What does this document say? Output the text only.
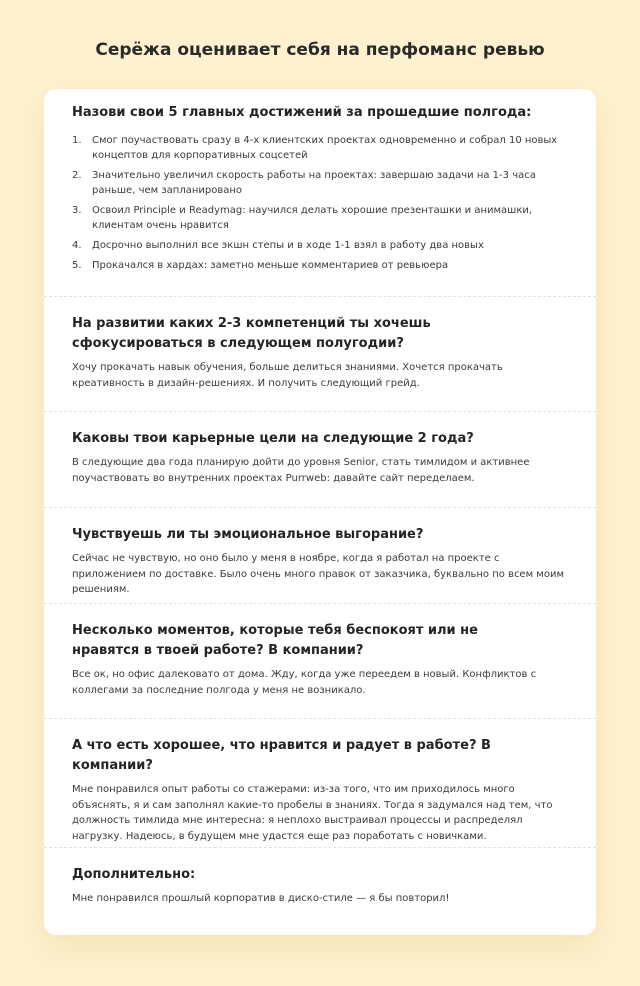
Серёжа оценивает себя на перфоманс ревью

Назови свои 5 главных достижений за прошедшие полгода:

1. Смог поучаствовать сразу в 4-х клиентских проектах одновременно и собрал 10 новых концептов для корпоративных соцсетей
2. Значительно увеличил скорость работы на проектах: завершаю задачи на 1-3 часа раньше, чем запланировано
3. Освоил Principle и Readymag: научился делать хорошие презенташки и анимашки, клиентам очень нравится
4. Досрочно выполнил все экшн степы и в ходе 1-1 взял в работу два новых
5. Прокачался в хардах: заметно меньше комментариев от ревьюера

На развитии каких 2-3 компетенций ты хочешь сфокусироваться в следующем полугодии?

Хочу прокачать навык обучения, больше делиться знаниями. Хочется прокачать креативность в дизайн-решениях. И получить следующий грейд.

Каковы твои карьерные цели на следующие 2 года?

В следующие два года планирую дойти до уровня Senior, стать тимлидом и активнее поучаствовать во внутренних проектах Purrweb: давайте сайт переделаем.

Чувствуешь ли ты эмоциональное выгорание?

Сейчас не чувствую, но оно было у меня в ноябре, когда я работал на проекте с приложением по доставке. Было очень много правок от заказчика, буквально по всем моим решениям.

Несколько моментов, которые тебя беспокоят или не нравятся в твоей работе? В компании?

Все ок, но офис далековато от дома. Жду, когда уже переедем в новый. Конфликтов с коллегами за последние полгода у меня не возникало.

А что есть хорошее, что нравится и радует в работе? В компании?

Мне понравился опыт работы со стажерами: из-за того, что им приходилось много объяснять, я и сам заполнял какие-то пробелы в знаниях. Тогда я задумался над тем, что должность тимлида мне интересна: я неплохо выстраивал процессы и распределял нагрузку. Надеюсь, в будущем мне удастся еще раз поработать с новичками.

Дополнительно:

Мне понравился прошлый корпоратив в диско-стиле — я бы повторил!
